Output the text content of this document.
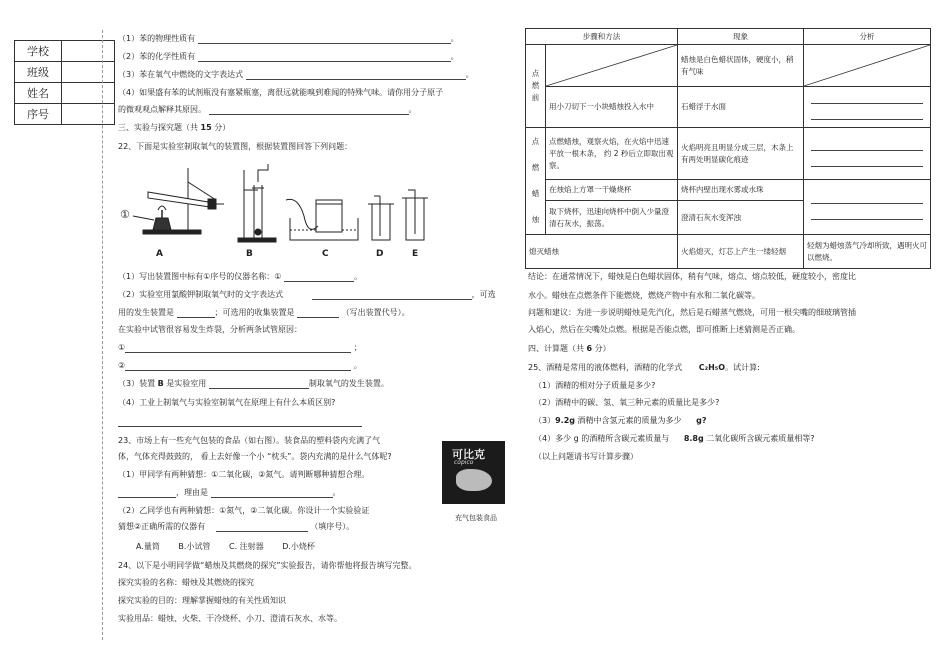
学校	
班级	
姓名	
序号	
（1）苯的物理性质有	。
（2）苯的化学性质有	。
（3）苯在氧气中燃烧的文字表达式	。
（4）如果盛有苯的试剂瓶没有塞紧瓶塞，离很远就能嗅到难闻的特殊气味。请你用分子原子
的微观观点解释其原因。	。
三、实验与探究题（共 15 分）
22、下面是实验室制取氧气的装置图，根据装置图回答下列问题：
①
A	B	C	D	E
（1）写出装置图中标有①序号的仪器名称：①	。
（2）实验室用氯酸钾制取氧气时的文字表达式	，可选
用的发生装置是	；可选用的收集装置是	（写出装置代号）。
在实验中试管很容易发生炸裂，分析两条试管原因：
①	；
②	。
（3）装置 B 是实验室用	制取氧气的发生装置。
（4）工业上制氧气与实验室制氧气在原理上有什么本质区别?
23、市场上有一些充气包装的食品（如右图）。装食品的塑料袋内充满了气
体，气体充得鼓鼓的， 看上去好像一个小 “枕头”。袋内充满的是什么气体呢?
（1）甲同学有两种猜想：①二氧化碳，②氮气。请判断哪种猜想合理。
，理由是	。
（2）乙同学也有两种猜想：①氮气，②二氧化碳。你设计一个实验验证
猜想②正确所需的仪器有	（填序号）。
A.量筒 B.小试管 C. 注射器 D.小烧杯
可比克
copico
充气包装食品
24、以下是小明同学做“蜡烛及其燃烧的探究”实验报告，请你帮他将报告填写完整。
探究实验的名称：蜡烛及其燃烧的探究
探究实验的目的：理解掌握蜡烛的有关性质知识
实验用品：蜡烛、火柴、干冷烧杯、小刀、澄清石灰水、水等。
步骤和方法		现象	分析

点燃前		蜡烛是白色蜡状固体，硬度小，稍有气味	

	用小刀切下一小块蜡烛投入水中	石蜡浮于水面	

点燃蜡烛	点燃蜡烛，观察火焰，在火焰中迅速平放一根木条， 约 2 秒后立即取出观察。	火焰明亮且明显分成三层，木条上有两处明显碳化痕迹	

	在烛焰上方罩一干燥烧杯	烧杯内壁出现水雾或水珠	

	取下烧杯，迅速向烧杯中倒入少量澄清石灰水，振荡。	澄清石灰水变浑浊	
熄灭蜡烛		火焰熄灭，灯芯上产生一缕轻烟	轻烟为蜡烛蒸气冷却所致，遇明火可以燃烧。
结论：在通常情况下，蜡烛是白色蜡状固体，稍有气味，熔点、熔点较低，硬度较小，密度比
水小。蜡烛在点燃条件下能燃烧，燃烧产物中有水和二氧化碳等。
问题和建议：为进一步说明蜡烛是先汽化，然后是石蜡蒸气燃烧，可用一根尖嘴的细玻璃管插
入焰心，然后在尖嘴处点燃。根据是否能点燃，即可推断上述猜测是否正确。
四、计算题（共 6 分）
25、酒精是常用的液体燃料，酒精的化学式 C₂H₅O。试计算:
（1）酒精的相对分子质量是多少?
（2）酒精中的碳、氢、氧三种元素的质量比是多少?
（3）9.2g 酒精中含氢元素的质量为多少 g?
（4）多少 g 的酒精所含碳元素质量与 8.8g 二氧化碳所含碳元素质量相等?
（以上问题请书写计算步骤）
